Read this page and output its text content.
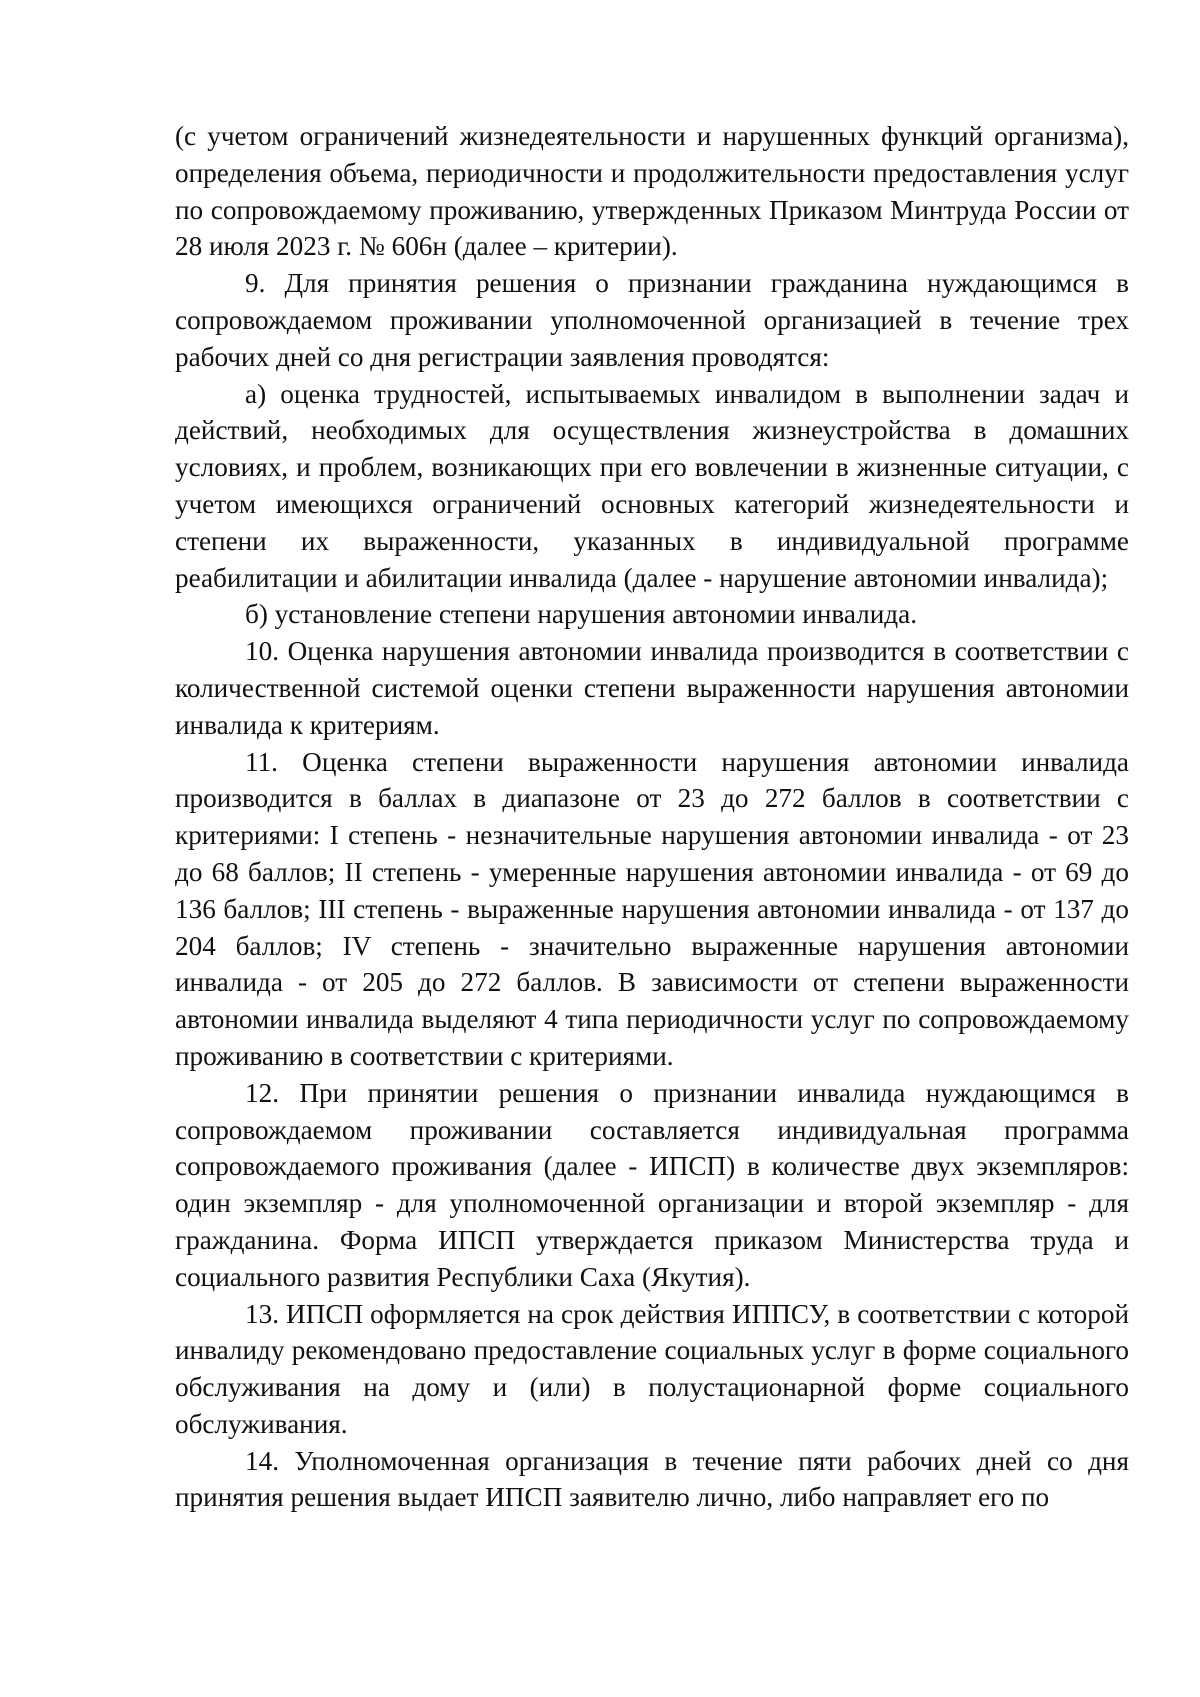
(с учетом ограничений жизнедеятельности и нарушенных функций организма), определения объема, периодичности и продолжительности предоставления услуг по сопровождаемому проживанию, утвержденных Приказом Минтруда России от 28 июля 2023 г. № 606н (далее – критерии).

9. Для принятия решения о признании гражданина нуждающимся в сопровождаемом проживании уполномоченной организацией в течение трех рабочих дней со дня регистрации заявления проводятся:

а) оценка трудностей, испытываемых инвалидом в выполнении задач и действий, необходимых для осуществления жизнеустройства в домашних условиях, и проблем, возникающих при его вовлечении в жизненные ситуации, с учетом имеющихся ограничений основных категорий жизнедеятельности и степени их выраженности, указанных в индивидуальной программе реабилитации и абилитации инвалида (далее - нарушение автономии инвалида);

б) установление степени нарушения автономии инвалида.

10. Оценка нарушения автономии инвалида производится в соответствии с количественной системой оценки степени выраженности нарушения автономии инвалида к критериям.

11. Оценка степени выраженности нарушения автономии инвалида производится в баллах в диапазоне от 23 до 272 баллов в соответствии с критериями: I степень - незначительные нарушения автономии инвалида - от 23 до 68 баллов; II степень - умеренные нарушения автономии инвалида - от 69 до 136 баллов; III степень - выраженные нарушения автономии инвалида - от 137 до 204 баллов; IV степень - значительно выраженные нарушения автономии инвалида - от 205 до 272 баллов. В зависимости от степени выраженности автономии инвалида выделяют 4 типа периодичности услуг по сопровождаемому проживанию в соответствии с критериями.

12. При принятии решения о признании инвалида нуждающимся в сопровождаемом проживании составляется индивидуальная программа сопровождаемого проживания (далее - ИПСП) в количестве двух экземпляров: один экземпляр - для уполномоченной организации и второй экземпляр - для гражданина. Форма ИПСП утверждается приказом Министерства труда и социального развития Республики Саха (Якутия).

13. ИПСП оформляется на срок действия ИППСУ, в соответствии с которой инвалиду рекомендовано предоставление социальных услуг в форме социального обслуживания на дому и (или) в полустационарной форме социального обслуживания.

14. Уполномоченная организация в течение пяти рабочих дней со дня принятия решения выдает ИПСП заявителю лично, либо направляет его по
